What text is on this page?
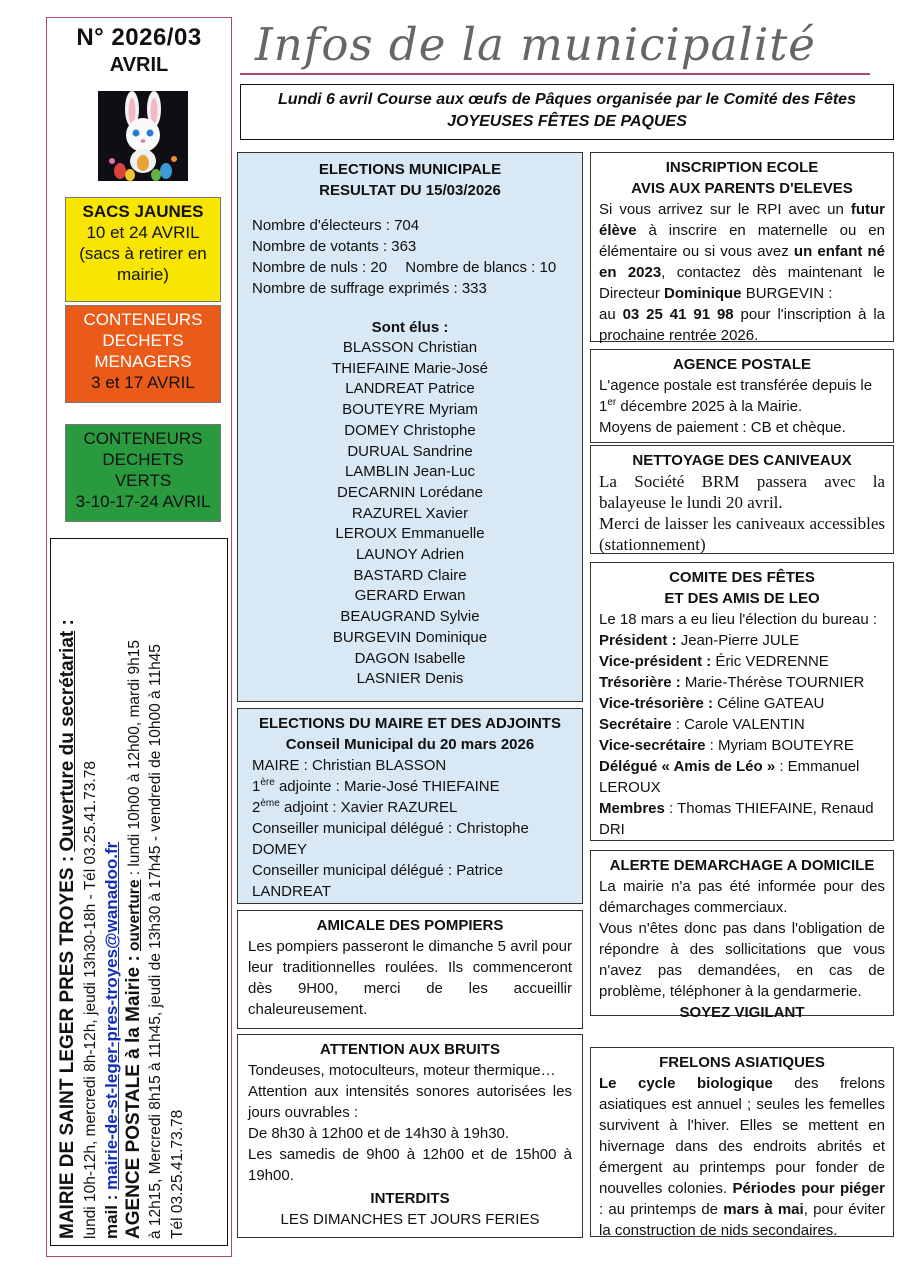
N° 2026/03
AVRIL
SACS JAUNES
10 et 24 AVRIL
(sacs à retirer en
mairie)
CONTENEURS
DECHETS
MENAGERS
3 et 17 AVRIL
CONTENEURS
DECHETS
VERTS
3-10-17-24 AVRIL
MAIRIE DE SAINT LEGER PRES TROYES : Ouverture du secrétariat :
lundi 10h-12h, mercredi 8h-12h, jeudi 13h30-18h - Tél 03.25.41.73.78 mail : mairie-de-st-leger-pres-troyes@wanadoo.fr AGENCE POSTALE à la Mairie : ouverture : lundi 10h00 à 12h00, mardi 9h15 à 12h15, Mercredi 8h15 à 11h45, jeudi de 13h30 à 17h45 - vendredi de 10h00 à 11h45 Tél 03.25.41.73.78
Infos de la municipalité
Lundi 6 avril Course aux œufs de Pâques organisée par le Comité des Fêtes
JOYEUSES FÊTES DE PAQUES
ELECTIONS MUNICIPALE
RESULTAT DU 15/03/2026
Nombre d'électeurs : 704
Nombre de votants : 363
Nombre de nuls : 20 Nombre de blancs : 10
Nombre de suffrage exprimés : 333
Sont élus :
BLASSON Christian
THIEFAINE Marie-José
LANDREAT Patrice
BOUTEYRE Myriam
DOMEY Christophe
DURUAL Sandrine
LAMBLIN Jean-Luc
DECARNIN Lorédane
RAZUREL Xavier
LEROUX Emmanuelle
LAUNOY Adrien
BASTARD Claire
GERARD Erwan
BEAUGRAND Sylvie
BURGEVIN Dominique
DAGON Isabelle
LASNIER Denis
ELECTIONS DU MAIRE ET DES ADJOINTS
Conseil Municipal du 20 mars 2026
MAIRE : Christian BLASSON
1ère adjointe : Marie-José THIEFAINE
2ème adjoint : Xavier RAZUREL
Conseiller municipal délégué : Christophe DOMEY
Conseiller municipal délégué : Patrice LANDREAT
AMICALE DES POMPIERS
Les pompiers passeront le dimanche 5 avril pour leur traditionnelles roulées. Ils commenceront dès 9H00, merci de les accueillir chaleureusement.
ATTENTION AUX BRUITS
Tondeuses, motoculteurs, moteur thermique…
Attention aux intensités sonores autorisées les jours ouvrables :
De 8h30 à 12h00 et de 14h30 à 19h30.
Les samedis de 9h00 à 12h00 et de 15h00 à 19h00.
INTERDITS
LES DIMANCHES ET JOURS FERIES
INSCRIPTION ECOLE
AVIS AUX PARENTS D'ELEVES
Si vous arrivez sur le RPI avec un futur élève à inscrire en maternelle ou en élémentaire ou si vous avez un enfant né en 2023, contactez dès maintenant le Directeur Dominique BURGEVIN :
au 03 25 41 91 98 pour l'inscription à la prochaine rentrée 2026.
AGENCE POSTALE
L'agence postale est transférée depuis le 1er décembre 2025 à la Mairie.
Moyens de paiement : CB et chèque.
NETTOYAGE DES CANIVEAUX
La Société BRM passera avec la balayeuse le lundi 20 avril.
Merci de laisser les caniveaux accessibles (stationnement)
COMITE DES FÊTES
ET DES AMIS DE LEO
Le 18 mars a eu lieu l'élection du bureau :
Président : Jean-Pierre JULE
Vice-président : Éric VEDRENNE
Trésorière : Marie-Thérèse TOURNIER
Vice-trésorière : Céline GATEAU
Secrétaire : Carole VALENTIN
Vice-secrétaire : Myriam BOUTEYRE
Délégué « Amis de Léo » : Emmanuel LEROUX
Membres : Thomas THIEFAINE, Renaud DRI
ALERTE DEMARCHAGE A DOMICILE
La mairie n'a pas été informée pour des démarchages commerciaux.
Vous n'êtes donc pas dans l'obligation de répondre à des sollicitations que vous n'avez pas demandées, en cas de problème, téléphoner à la gendarmerie.
SOYEZ VIGILANT
FRELONS ASIATIQUES
Le cycle biologique des frelons asiatiques est annuel ; seules les femelles survivent à l'hiver. Elles se mettent en hivernage dans des endroits abrités et émergent au printemps pour fonder de nouvelles colonies. Périodes pour piéger : au printemps de mars à mai, pour éviter la construction de nids secondaires.
